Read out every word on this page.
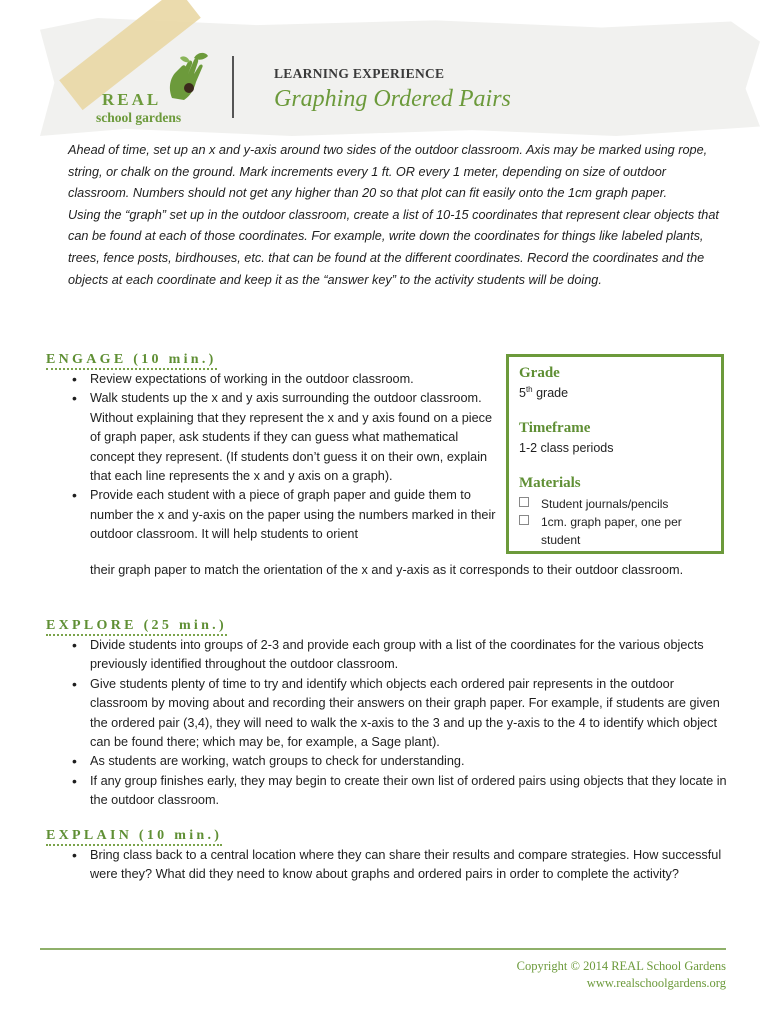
REAL
school gardens
LEARNING EXPERIENCE
Graphing Ordered Pairs

Ahead of time, set up an x and y-axis around two sides of the outdoor classroom. Axis may be marked using rope, string, or chalk on the ground. Mark increments every 1 ft. OR every 1 meter, depending on size of outdoor classroom. Numbers should not get any higher than 20 so that plot can fit easily onto the 1cm graph paper.

Using the “graph” set up in the outdoor classroom, create a list of 10-15 coordinates that represent clear objects that can be found at each of those coordinates. For example, write down the coordinates for things like labeled plants, trees, fence posts, birdhouses, etc. that can be found at the different coordinates. Record the coordinates and the objects at each coordinate and keep it as the “answer key” to the activity students will be doing.

ENGAGE (10 min.)
• Review expectations of working in the outdoor classroom.
• Walk students up the x and y axis surrounding the outdoor classroom. Without explaining that they represent the x and y axis found on a piece of graph paper, ask students if they can guess what mathematical concept they represent. (If students don’t guess it on their own, explain that each line represents the x and y axis on a graph).
• Provide each student with a piece of graph paper and guide them to number the x and y-axis on the paper using the numbers marked in their outdoor classroom. It will help students to orient
their graph paper to match the orientation of the x and y-axis as it corresponds to their outdoor classroom.
Grade
5th grade
Timeframe
1-2 class periods
Materials
Student journals/pencils
1cm. graph paper, one per
student
EXPLORE (25 min.)
• Divide students into groups of 2-3 and provide each group with a list of the coordinates for the various objects previously identified throughout the outdoor classroom.
• Give students plenty of time to try and identify which objects each ordered pair represents in the outdoor classroom by moving about and recording their answers on their graph paper. For example, if students are given the ordered pair (3,4), they will need to walk the x-axis to the 3 and up the y-axis to the 4 to identify which object can be found there; which may be, for example, a Sage plant).
• As students are working, watch groups to check for understanding.
• If any group finishes early, they may begin to create their own list of ordered pairs using objects that they locate in the outdoor classroom.
EXPLAIN (10 min.)
• Bring class back to a central location where they can share their results and compare strategies. How successful were they? What did they need to know about graphs and ordered pairs in order to complete the activity?
Copyright © 2014 REAL School Gardens
www.realschoolgardens.org
